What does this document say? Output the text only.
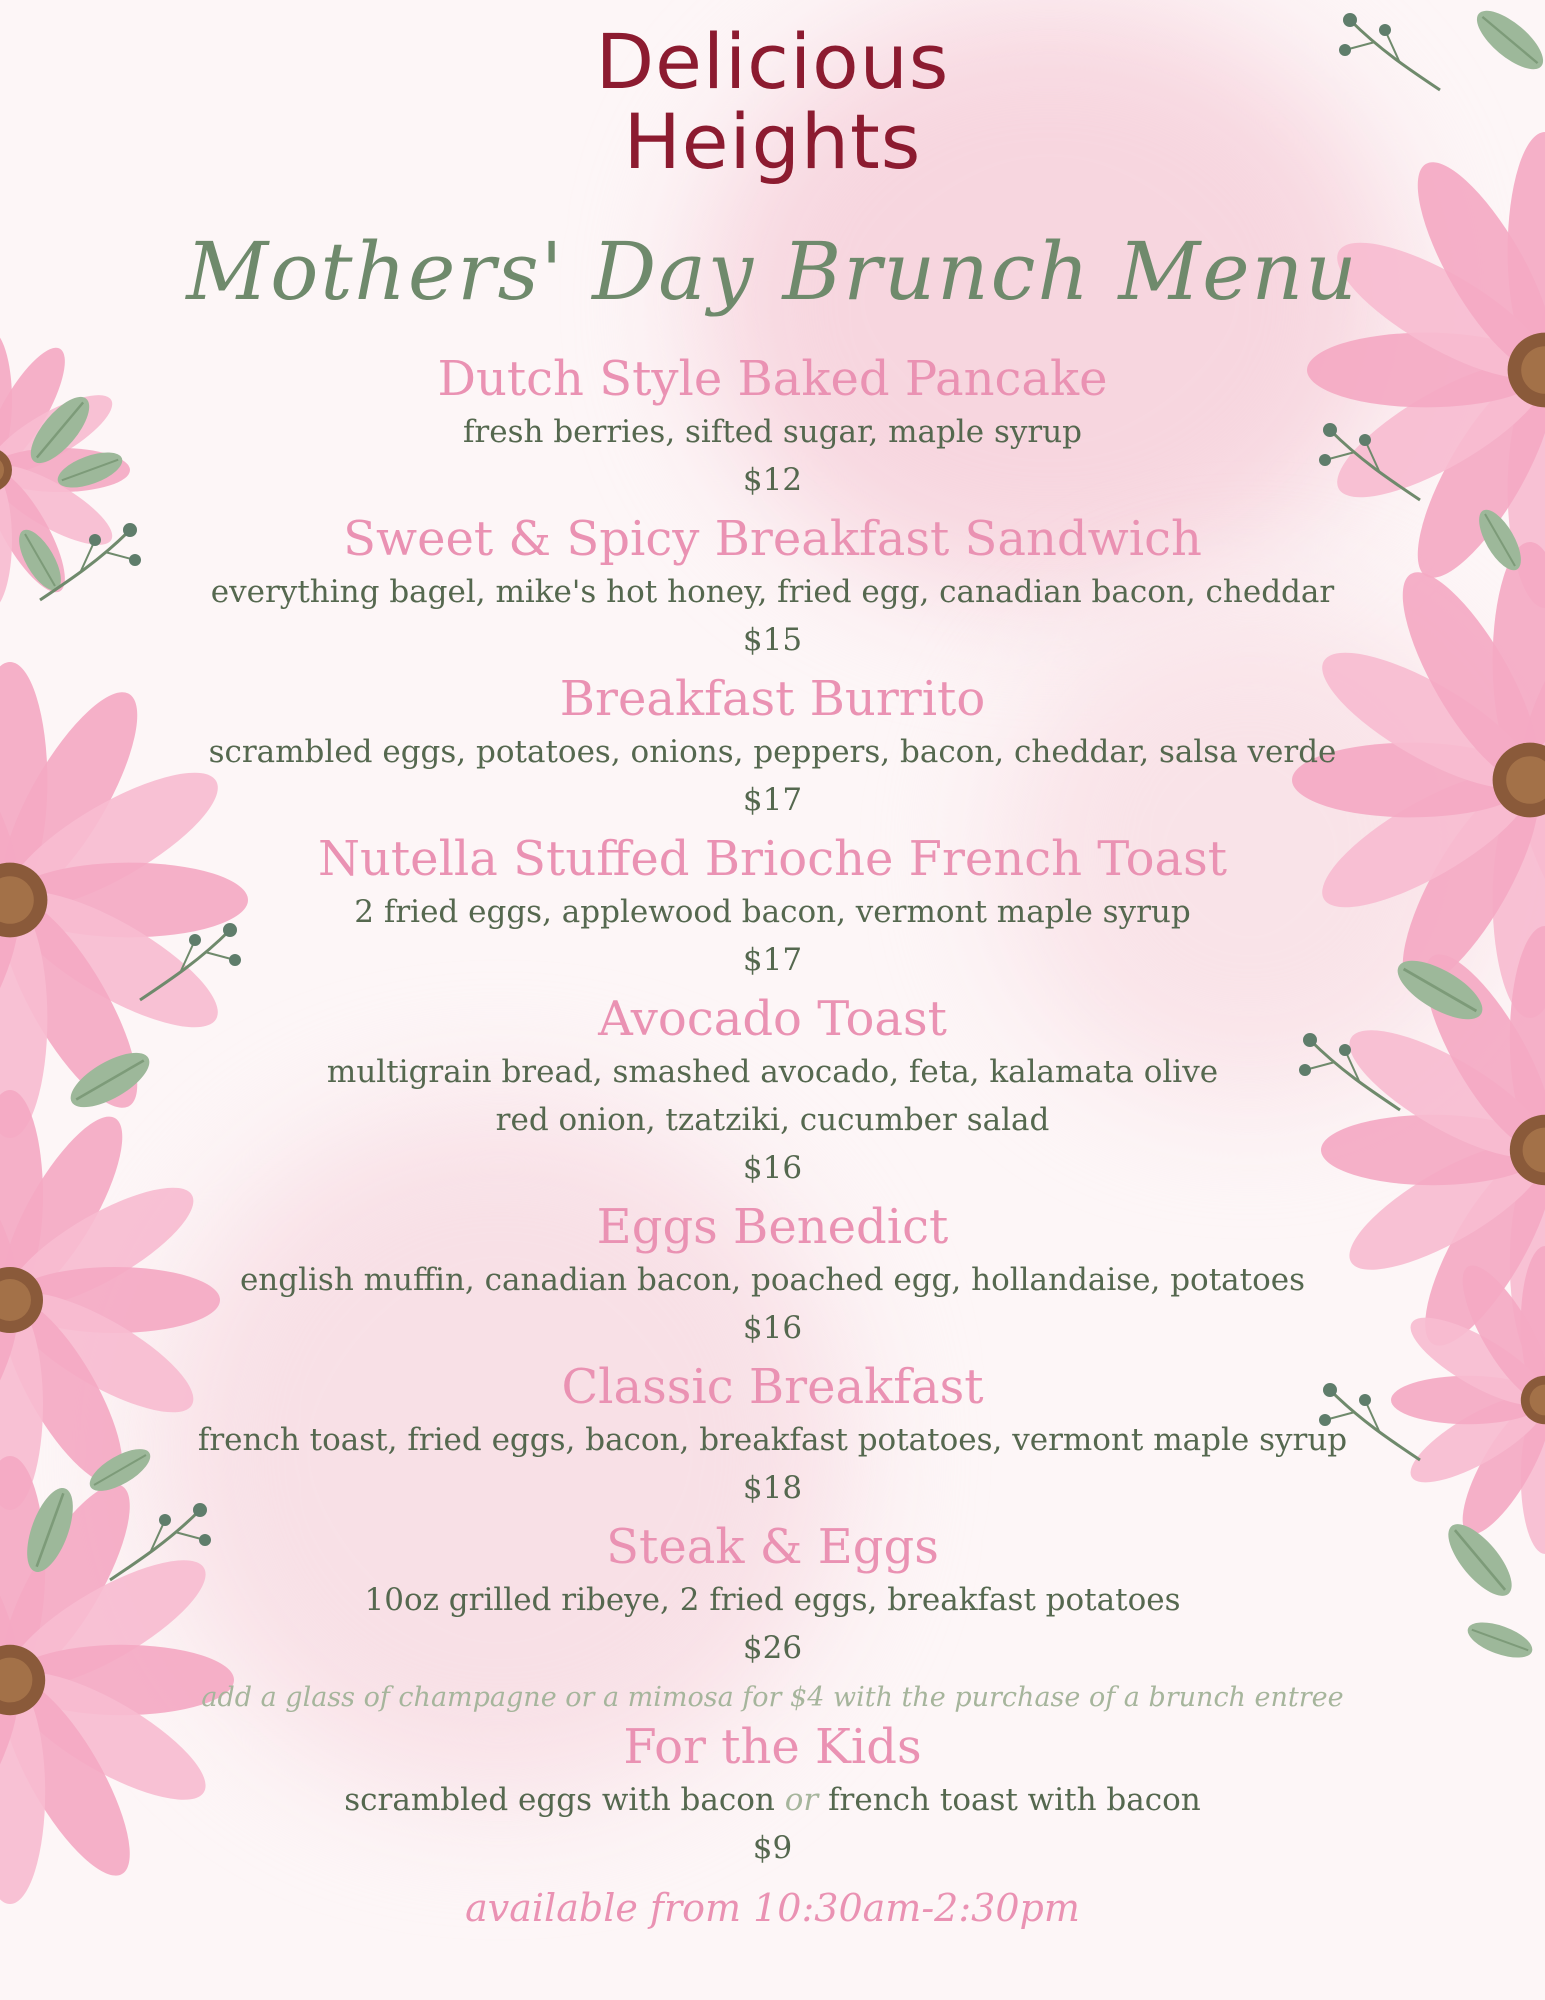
Delicious
Heights
Mothers' Day Brunch Menu

Dutch Style Baked Pancake

fresh berries, sifted sugar, maple syrup

$12

Sweet & Spicy Breakfast Sandwich

everything bagel, mike's hot honey, fried egg, canadian bacon, cheddar

$15

Breakfast Burrito

scrambled eggs, potatoes, onions, peppers, bacon, cheddar, salsa verde

$17

Nutella Stuffed Brioche French Toast

2 fried eggs, applewood bacon, vermont maple syrup

$17

Avocado Toast

multigrain bread, smashed avocado, feta, kalamata olive

red onion, tzatziki, cucumber salad

$16

Eggs Benedict

english muffin, canadian bacon, poached egg, hollandaise, potatoes

$16

Classic Breakfast

french toast, fried eggs, bacon, breakfast potatoes, vermont maple syrup

$18

Steak & Eggs

10oz grilled ribeye, 2 fried eggs, breakfast potatoes

$26

add a glass of champagne or a mimosa for $4 with the purchase of a brunch entree

For the Kids

scrambled eggs with bacon or french toast with bacon

$9

available from 10:30am-2:30pm
